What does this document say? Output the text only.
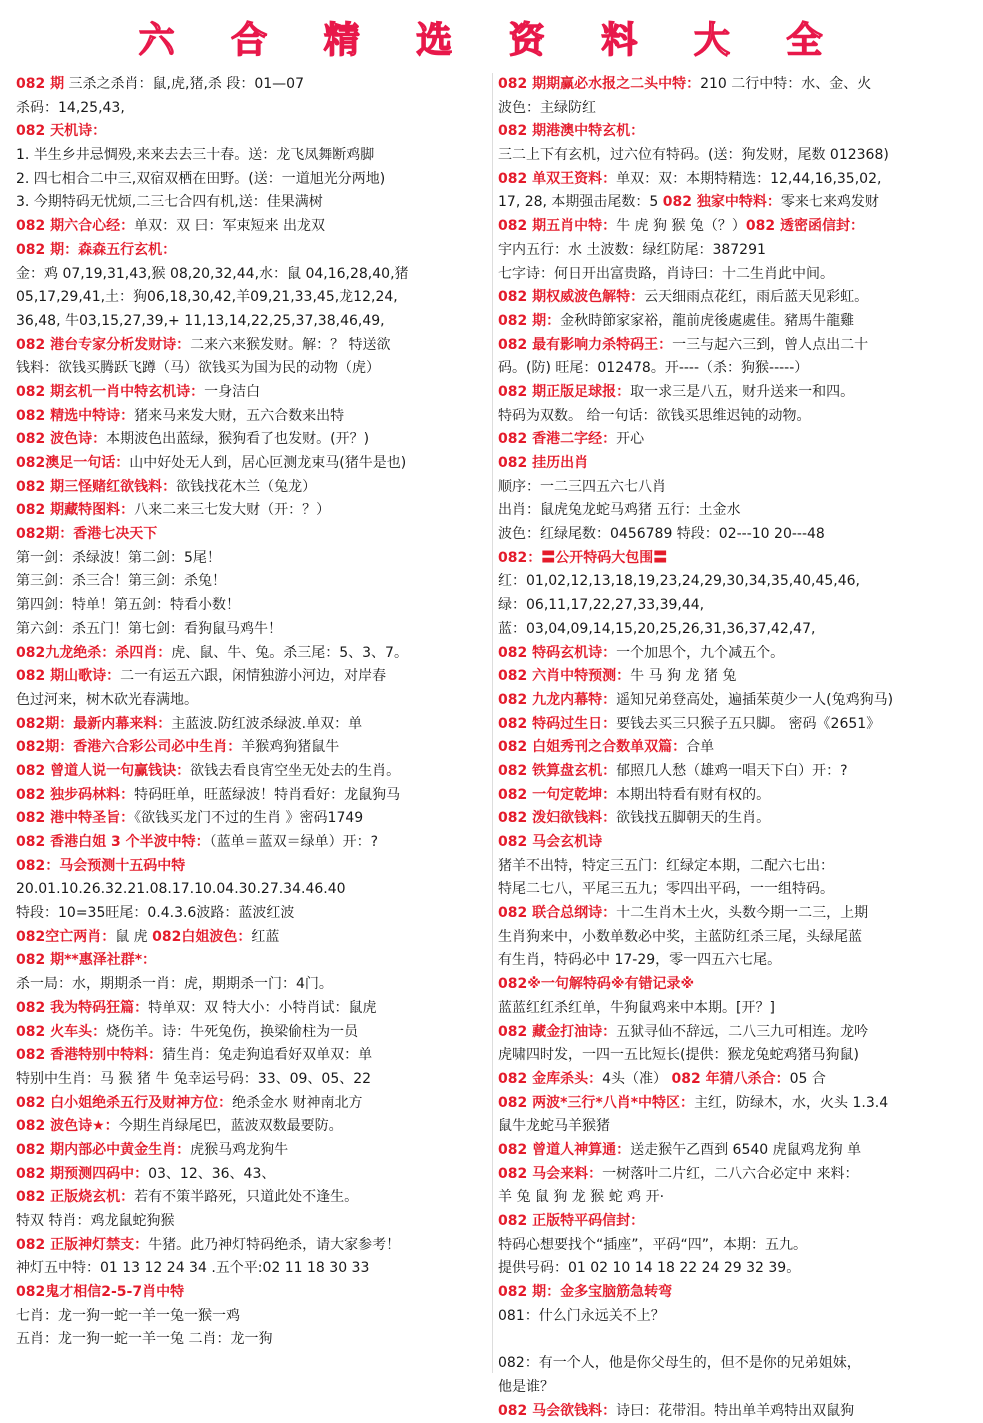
六 合 精 选 资 料 大 全
082 期 三杀之杀肖：鼠,虎,猪,杀 段：01—07
杀码：14,25,43,
082 天机诗：
1. 半生乡井忌惆殁,来来去去三十春。送：龙飞凤舞断鸡脚
2. 四七相合二中三,双宿双栖在田野。(送：一道旭光分两地)
3. 今期特码无忧烦,二三七合四有机,送：佳果满树
082 期六合心经：单双：双 曰：军束短来 出龙双
082 期：森森五行玄机：
金：鸡 07,19,31,43,猴 08,20,32,44,水：鼠 04,16,28,40,猪
05,17,29,41,土：狗06,18,30,42,羊09,21,33,45,龙12,24,
36,48, 牛03,15,27,39,+ 11,13,14,22,25,37,38,46,49,
082 港台专家分析发财诗：二来六来猴发财。解：？ 特送欲
钱料：欲钱买腾跃飞蹲（马）欲钱买为国为民的动物（虎）
082 期玄机一肖中特玄机诗：一身洁白
082 精选中特诗：猪来马来发大财，五六合数来出特
082 波色诗：本期波色出蓝绿，猴狗看了也发财。(开？)
082澳足一句话：山中好处无人到，居心叵测龙束马(猪牛是也)
082 期三怪赌红欲钱料：欲钱找花木兰（兔龙）
082 期藏特图料：八来二来三七发大财（开：？）
082期：香港七决天下
第一剑：杀绿波！第二剑：5尾！
第三剑：杀三合！第三剑：杀兔！
第四剑：特单！第五剑：特看小数！
第六剑：杀五门！第七剑：看狗鼠马鸡牛！
082九龙绝杀：杀四肖：虎、鼠、牛、兔。杀三尾：5、3、7。
082 期山歌诗：二一有运五六跟，闲情独游小河边，对岸春
色过河来，树木砍光春满地。
082期：最新内幕来料：主蓝波.防红波杀绿波.单双：单
082期：香港六合彩公司必中生肖：羊猴鸡狗猪鼠牛
082 曾道人说一句赢钱诀：欲钱去看良宵空坐无处去的生肖。
082 独步码林料：特码旺单，旺蓝绿波！特肖看好：龙鼠狗马
082 港中特圣旨：《欲钱买龙门不过的生肖 》密码1749
082 香港白姐 3 个半波中特：（蓝单＝蓝双＝绿单）开：?
082：马会预测十五码中特
20.01.10.26.32.21.08.17.10.04.30.27.34.46.40
特段：10=35旺尾：0.4.3.6波路：蓝波红波
082空亡两肖：鼠 虎 082白姐波色：红蓝
082 期**惠泽社群*：
杀一局：水，期期杀一肖：虎，期期杀一门：4门。
082 我为特码狂篇：特单双：双 特大小：小特肖试：鼠虎
082 火车头：烧伤羊。诗：牛死兔伤，换梁偷柱为一员
082 香港特别中特料：猜生肖：兔走狗追看好双单双：单
特别中生肖：马 猴 猪 牛 兔幸运号码：33、09、05、22
082 白小姐绝杀五行及财神方位：绝杀金水 财神南北方
082 波色诗★：今期生肖绿尾巴，蓝波双数最要防。
082 期内部必中黄金生肖：虎猴马鸡龙狗牛
082 期预测四码中：03、12、36、43、
082 正版烧玄机：若有不策半路死，只道此处不逢生。
特双 特肖：鸡龙鼠蛇狗猴
082 正版神灯禁支：牛猪。此乃神灯特码绝杀，请大家参考！
神灯五中特：01 13 12 24 34 .五个平:02 11 18 30 33
082鬼才相信2-5-7肖中特
七肖：龙一狗一蛇一羊一兔一猴一鸡
五肖：龙一狗一蛇一羊一兔 二肖：龙一狗
082 期期赢必水报之二头中特：210 二行中特：水、金、火
波色：主绿防红
082 期港澳中特玄机：
三二上下有玄机，过六位有特码。(送：狗发财，尾数 012368)
082 单双王资料：单双：双：本期特精选：12,44,16,35,02,
17, 28, 本期强击尾数：5 082 独家中特料：零来七来鸡发财
082 期五肖中特：牛 虎 狗 猴 兔（？）082 透密函信封：
宇内五行：水 土波数：绿红防尾：387291
七字诗：何日开出富贵路，肖诗曰：十二生肖此中间。
082 期权威波色解特：云天细雨点花红，雨后蓝天见彩虹。
082 期：金秋時節家家裕，龍前虎後處處佳。豬馬牛龍雞
082 最有影响力杀特码王：一三与起六三到，曾人点出二十
码。(防) 旺尾：012478。开----（杀：狗猴-----）
082 期正版足球报：取一求三是八五，财升送来一和四。
特码为双数。 给一句话：欲钱买思维迟钝的动物。
082 香港二字经：开心
082 挂历出肖
顺序：一二三四五六七八肖
出肖：鼠虎兔龙蛇马鸡猪 五行：土金水
波色：红绿尾数：0456789 特段：02---10 20---48
082：〓公开特码大包围〓
红：01,02,12,13,18,19,23,24,29,30,34,35,40,45,46,
绿：06,11,17,22,27,33,39,44,
蓝：03,04,09,14,15,20,25,26,31,36,37,42,47,
082 特码玄机诗：一个加思个，九个减五个。
082 六肖中特预测：牛 马 狗 龙 猪 兔
082 九龙内幕特：遥知兄弟登高处，遍插茱萸少一人(兔鸡狗马)
082 特码过生日：要钱去买三只猴子五只脚。 密码《2651》
082 白姐秀刊之合数单双篇：合单
082 铁算盘玄机：郁照几人愁（雄鸡一唱天下白）开：?
082 一句定乾坤：本期出特看有财有权的。
082 泼妇欲钱料：欲钱找五脚朝天的生肖。
082 马会玄机诗
猪羊不出特，特定三五门：红绿定本期，二配六七出：
特尾二七八，平尾三五九；零四出平码，一一组特码。
082 联合总纲诗：十二生肖木土火，头数今期一二三，上期
生肖狗来中，小数单数必中奖，主蓝防红杀三尾，头绿尾蓝
有生肖，特码必中 17-29，零一四五六七尾。
082※一句解特码※有错记录※
蓝蓝红红杀红单，牛狗鼠鸡来中本期。[开？]
082 藏金打油诗：五狱寻仙不辞远，二八三九可相连。龙吟
虎啸四时发，一四一五比短长(提供：猴龙兔蛇鸡猪马狗鼠)
082 金库杀头：4头（准） 082 年猜八杀合：05 合
082 两波*三行*八肖*中特区：主红，防绿木，水，火头 1.3.4
鼠牛龙蛇马羊猴猪
082 曾道人神算通：送走猴午乙酉到 6540 虎鼠鸡龙狗 单
082 马会来料：一树落叶二片红，二八六合必定中 来料：
羊 兔 鼠 狗 龙 猴 蛇 鸡 开·
082 正版特平码信封：
特码心想要找个“插座”，平码“四”，本期：五九。
提供号码：01 02 10 14 18 22 24 29 32 39。
082 期：金多宝脑筋急转弯
081：什么门永远关不上？
082：有一个人，他是你父母生的，但不是你的兄弟姐妹，
他是谁？
082 马会欲钱料：诗曰：花带泪。特出单羊鸡特出双鼠狗
